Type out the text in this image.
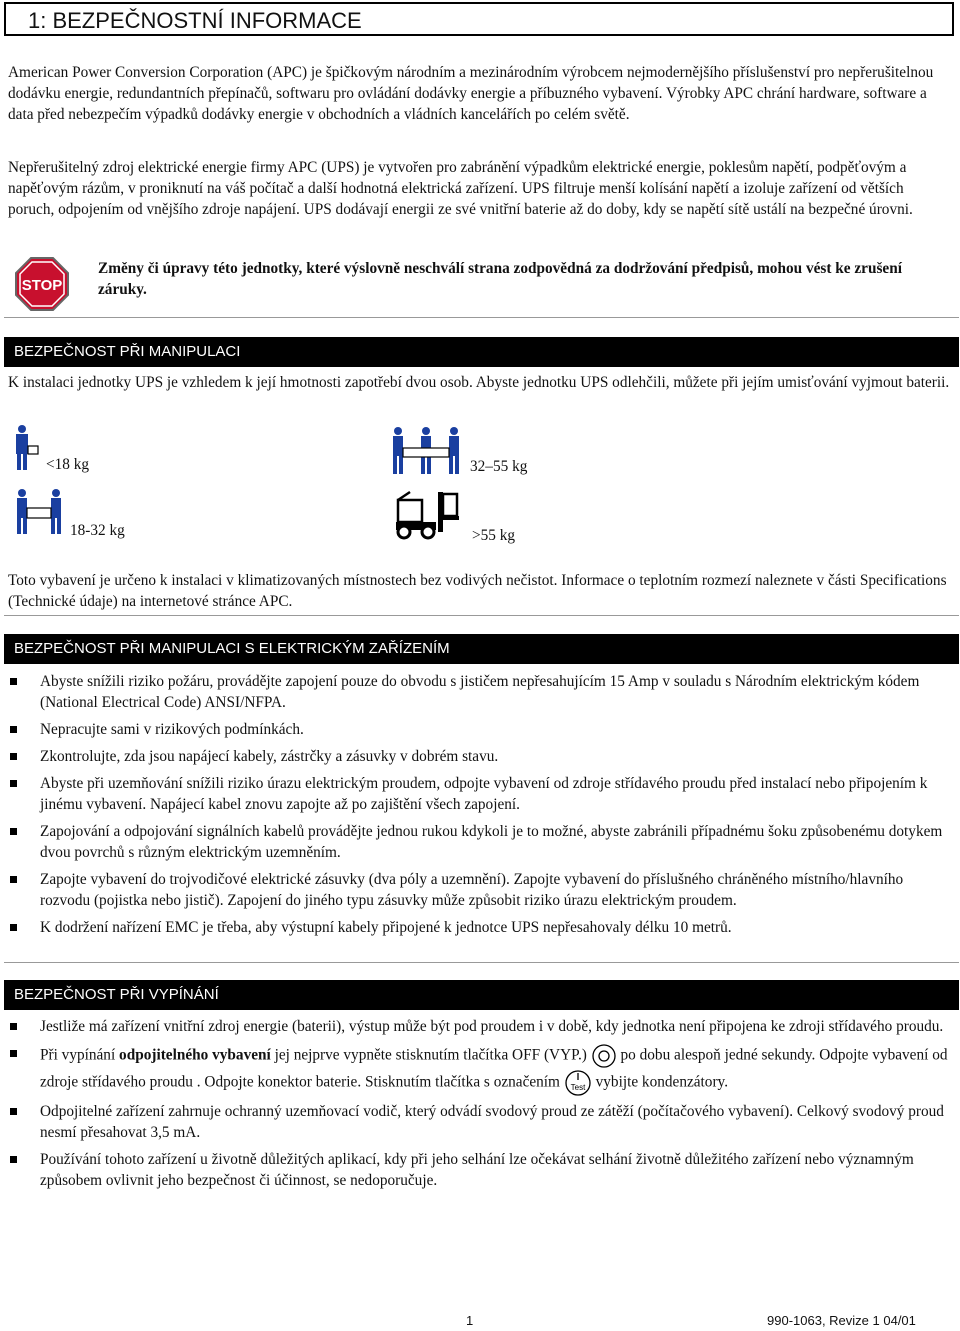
1: BEZPEČNOSTNÍ INFORMACE

American Power Conversion Corporation (APC) je špičkovým národním a mezinárodním výrobcem nejmodernějšího příslušenství pro nepřerušitelnou dodávku energie, redundantních přepínačů, softwaru pro ovládání dodávky energie a příbuzného vybavení. Výrobky APC chrání hardware, software a data před nebezpečím výpadků dodávky energie v obchodních a vládních kancelářích po celém světě.

Nepřerušitelný zdroj elektrické energie firmy APC (UPS) je vytvořen pro zabránění výpadkům elektrické energie, poklesům napětí, podpěťovým a napěťovým rázům, v proniknutí na váš počítač a další hodnotná elektrická zařízení. UPS filtruje menší kolísání napětí a izoluje zařízení od větších poruch, odpojením od vnějšího zdroje napájení. UPS dodávají energii ze své vnitřní baterie až do doby, kdy se napětí sítě ustálí na bezpečné úrovni.

STOP
Změny či úpravy této jednotky, které výslovně neschválí strana zodpovědná za dodržování předpisů, mohou vést ke zrušení záruky.
BEZPEČNOST PŘI MANIPULACI

K instalaci jednotky UPS je vzhledem k její hmotnosti zapotřebí dvou osob. Abyste jednotku UPS odlehčili, můžete při jejím umisťování vyjmout baterii.

<18 kg
18-32 kg
32–55 kg
>55 kg

Toto vybavení je určeno k instalaci v klimatizovaných místnostech bez vodivých nečistot. Informace o teplotním rozmezí naleznete v části Specifications (Technické údaje) na internetové stránce APC.

BEZPEČNOST PŘI MANIPULACI S ELEKTRICKÝM ZAŘÍZENÍM
Abyste snížili riziko požáru, provádějte zapojení pouze do obvodu s jističem nepřesahujícím 15 Amp v souladu s Národním elektrickým kódem (National Electrical Code) ANSI/NFPA.
Nepracujte sami v rizikových podmínkách.
Zkontrolujte, zda jsou napájecí kabely, zástrčky a zásuvky v dobrém stavu.
Abyste při uzemňování snížili riziko úrazu elektrickým proudem, odpojte vybavení od zdroje střídavého proudu před instalací nebo připojením k jinému vybavení. Napájecí kabel znovu zapojte až po zajištění všech zapojení.
Zapojování a odpojování signálních kabelů provádějte jednou rukou kdykoli je to možné, abyste zabránili případnému šoku způsobenému dotykem dvou povrchů s různým elektrickým uzemněním.
Zapojte vybavení do trojvodičové elektrické zásuvky (dva póly a uzemnění). Zapojte vybavení do příslušného chráněného místního/hlavního rozvodu (pojistka nebo jistič). Zapojení do jiného typu zásuvky může způsobit riziko úrazu elektrickým proudem.
K dodržení nařízení EMC je třeba, aby výstupní kabely připojené k jednotce UPS nepřesahovaly délku 10 metrů.
BEZPEČNOST PŘI VYPÍNÁNÍ
Jestliže má zařízení vnitřní zdroj energie (baterii), výstup může být pod proudem i v době, kdy jednotka není připojena ke zdroji střídavého proudu.
Při vypínání odpojitelného vybavení jej nejprve vypněte stisknutím tlačítka OFF (VYP.)  po dobu alespoň jedné sekundy. Odpojte vybavení od zdroje střídavého proudu . Odpojte konektor baterie. Stisknutím tlačítka s označením Test vybijte kondenzátory.
Odpojitelné zařízení zahrnuje ochranný uzemňovací vodič, který odvádí svodový proud ze zátěží (počítačového vybavení). Celkový svodový proud nesmí přesahovat 3,5 mA.
Používání tohoto zařízení u životně důležitých aplikací, kdy při jeho selhání lze očekávat selhání životně důležitého zařízení nebo významným způsobem ovlivnit jeho bezpečnost či účinnost, se nedoporučuje.
1	990-1063, Revize 1 04/01
